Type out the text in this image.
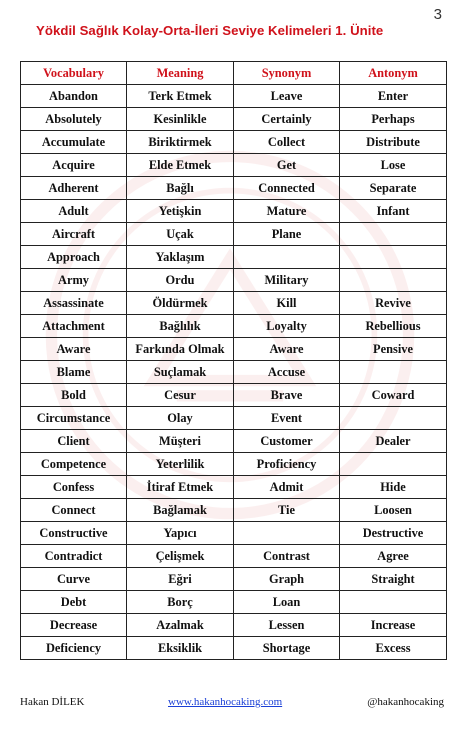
3
Yökdil Sağlık Kolay-Orta-İleri Seviye Kelimeleri 1. Ünite
Vocabulary	Meaning	Synonym	Antonym
Abandon	Terk Etmek	Leave	Enter
Absolutely	Kesinlikle	Certainly	Perhaps
Accumulate	Biriktirmek	Collect	Distribute
Acquire	Elde Etmek	Get	Lose
Adherent	Bağlı	Connected	Separate
Adult	Yetişkin	Mature	Infant
Aircraft	Uçak	Plane	
Approach	Yaklaşım		
Army	Ordu	Military	
Assassinate	Öldürmek	Kill	Revive
Attachment	Bağlılık	Loyalty	Rebellious
Aware	Farkında Olmak	Aware	Pensive
Blame	Suçlamak	Accuse	
Bold	Cesur	Brave	Coward
Circumstance	Olay	Event	
Client	Müşteri	Customer	Dealer
Competence	Yeterlilik	Proficiency	
Confess	İtiraf Etmek	Admit	Hide
Connect	Bağlamak	Tie	Loosen
Constructive	Yapıcı		Destructive
Contradict	Çelişmek	Contrast	Agree
Curve	Eğri	Graph	Straight
Debt	Borç	Loan	
Decrease	Azalmak	Lessen	Increase
Deficiency	Eksiklik	Shortage	Excess
Hakan DİLEK	www.hakanhocaking.com	@hakanhocaking
